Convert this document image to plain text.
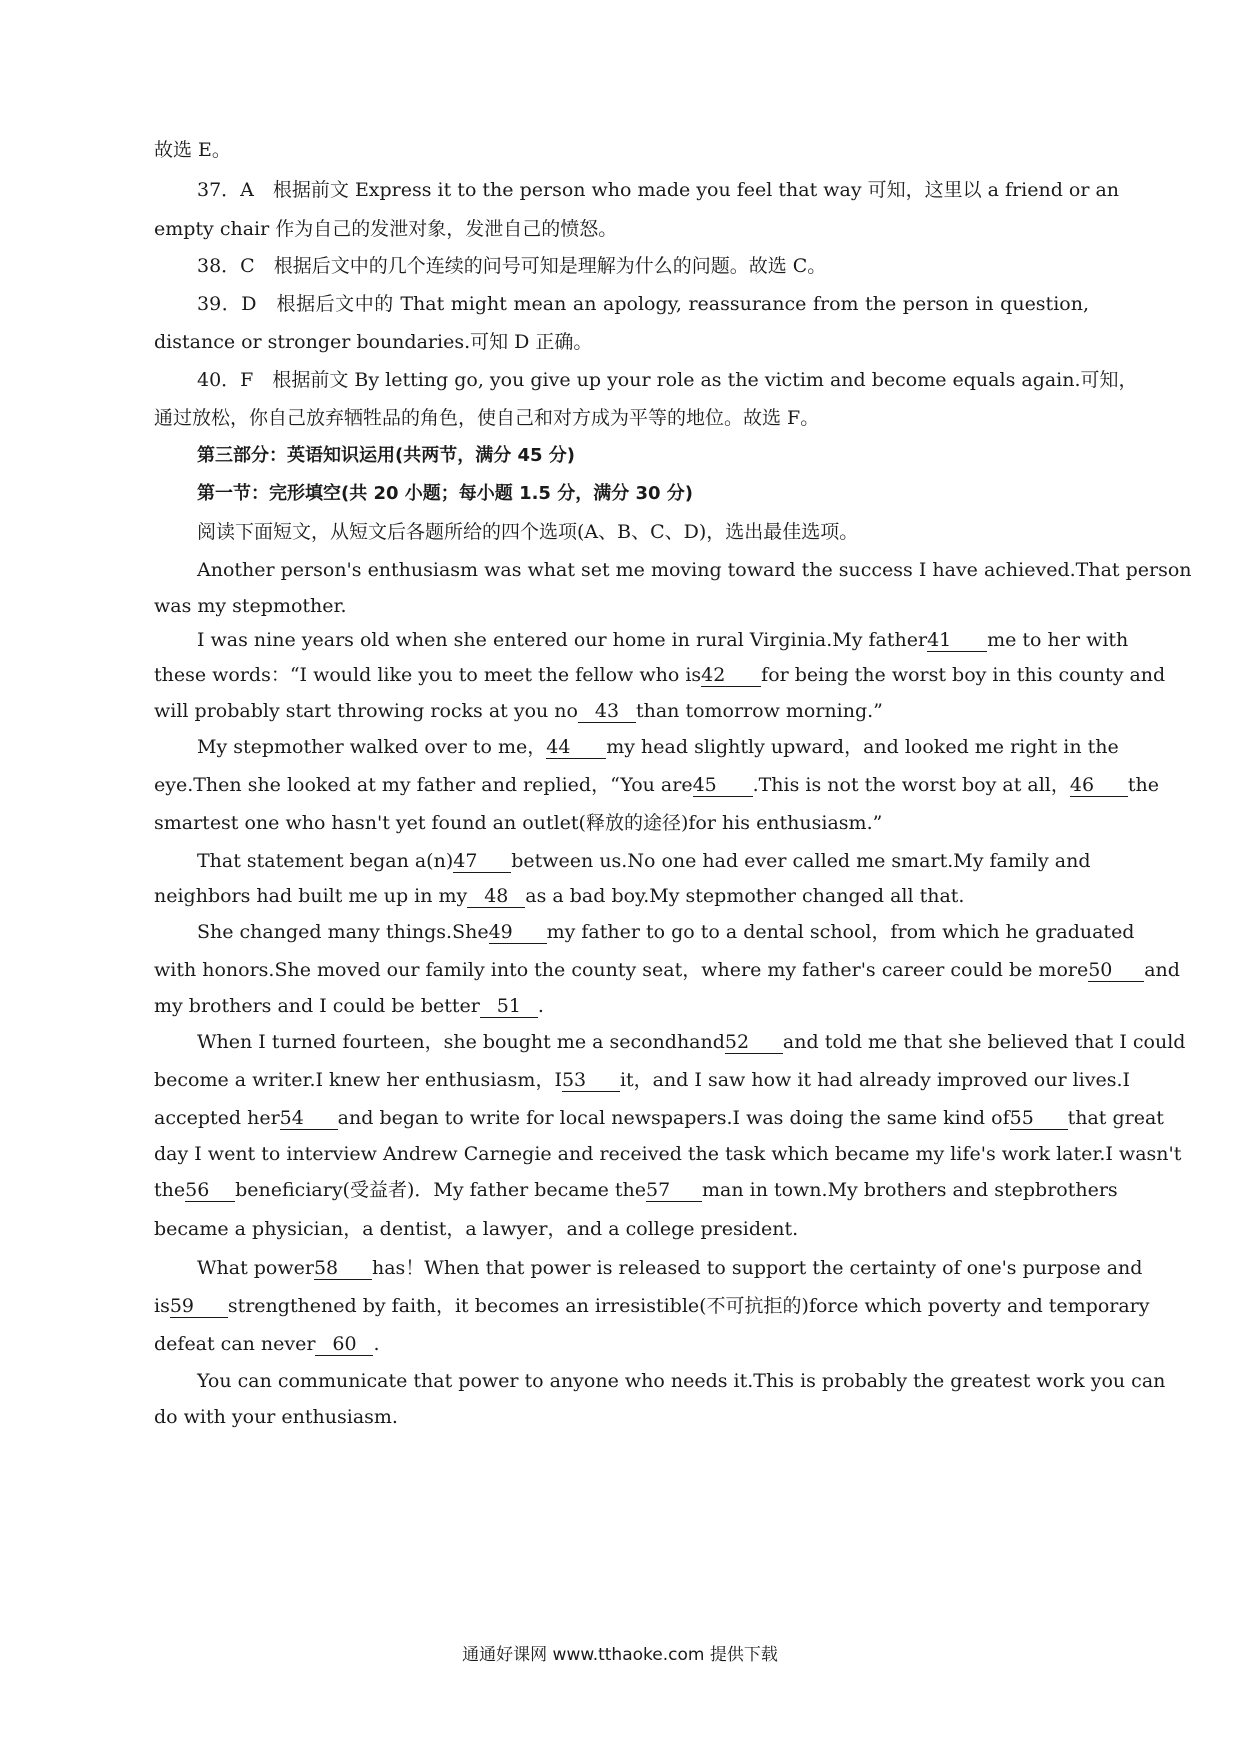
故选 E。
37．A　根据前文 Express it to the person who made you feel that way 可知，这里以 a friend or an
empty chair 作为自己的发泄对象，发泄自己的愤怒。
38．C　根据后文中的几个连续的问号可知是理解为什么的问题。故选 C。
39．D　根据后文中的 That might mean an apology, reassurance from the person in question,
distance or stronger boundaries.可知 D 正确。
40．F　根据前文 By letting go, you give up your role as the victim and become equals again.可知，
通过放松，你自己放弃牺牲品的角色，使自己和对方成为平等的地位。故选 F。
第三部分：英语知识运用(共两节，满分 45 分)
第一节：完形填空(共 20 小题；每小题 1.5 分，满分 30 分)
阅读下面短文，从短文后各题所给的四个选项(A、B、C、D)，选出最佳选项。
Another person's enthusiasm was what set me moving toward the success I have achieved.That person
was my stepmother.
I was nine years old when she entered our home in rural Virginia.My father41 me to her with
these words：“I would like you to meet the fellow who is42 for being the worst boy in this county and
will probably start throwing rocks at you no 43 than tomorrow morning.”
My stepmother walked over to me，44 my head slightly upward，and looked me right in the
eye.Then she looked at my father and replied，“You are45 .This is not the worst boy at all，46 the
smartest one who hasn't yet found an outlet(释放的途径)for his enthusiasm.”
That statement began a(n)47 between us.No one had ever called me smart.My family and
neighbors had built me up in my 48 as a bad boy.My stepmother changed all that.
She changed many things.She49 my father to go to a dental school，from which he graduated
with honors.She moved our family into the county seat，where my father's career could be more50 and
my brothers and I could be better 51 .
When I turned fourteen，she bought me a secondhand52 and told me that she believed that I could
become a writer.I knew her enthusiasm，I53 it，and I saw how it had already improved our lives.I
accepted her54 and began to write for local newspapers.I was doing the same kind of55 that great
day I went to interview Andrew Carnegie and received the task which became my life's work later.I wasn't
the56 beneficiary(受益者)．My father became the57 man in town.My brothers and stepbrothers
became a physician，a dentist，a lawyer，and a college president.
What power58 has！When that power is released to support the certainty of one's purpose and
is59 strengthened by faith，it becomes an irresistible(不可抗拒的)force which poverty and temporary
defeat can never 60 .
You can communicate that power to anyone who needs it.This is probably the greatest work you can
do with your enthusiasm.
通通好课网 www.tthaoke.com 提供下载
